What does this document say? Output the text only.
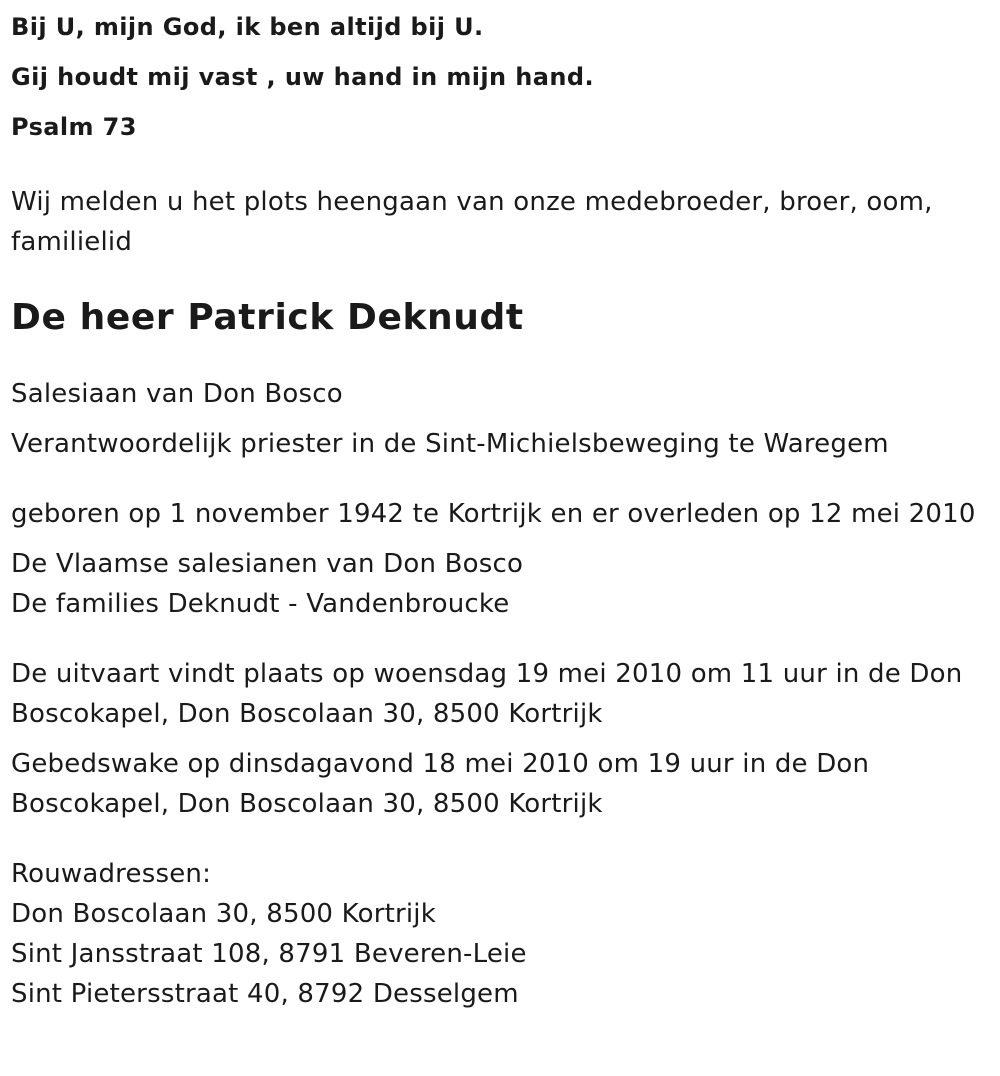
Bij U, mijn God, ik ben altijd bij U.
Gij houdt mij vast , uw hand in mijn hand.
Psalm 73
Wij melden u het plots heengaan van onze medebroeder, broer, oom,
familielid
De heer Patrick Deknudt
Salesiaan van Don Bosco
Verantwoordelijk priester in de Sint-Michielsbeweging te Waregem
geboren op 1 november 1942 te Kortrijk en er overleden op 12 mei 2010
De Vlaamse salesianen van Don Bosco
De families Deknudt - Vandenbroucke
De uitvaart vindt plaats op woensdag 19 mei 2010 om 11 uur in de Don
Boscokapel, Don Boscolaan 30, 8500 Kortrijk
Gebedswake op dinsdagavond 18 mei 2010 om 19 uur in de Don
Boscokapel, Don Boscolaan 30, 8500 Kortrijk
Rouwadressen:
Don Boscolaan 30, 8500 Kortrijk
Sint Jansstraat 108, 8791 Beveren-Leie
Sint Pietersstraat 40, 8792 Desselgem
